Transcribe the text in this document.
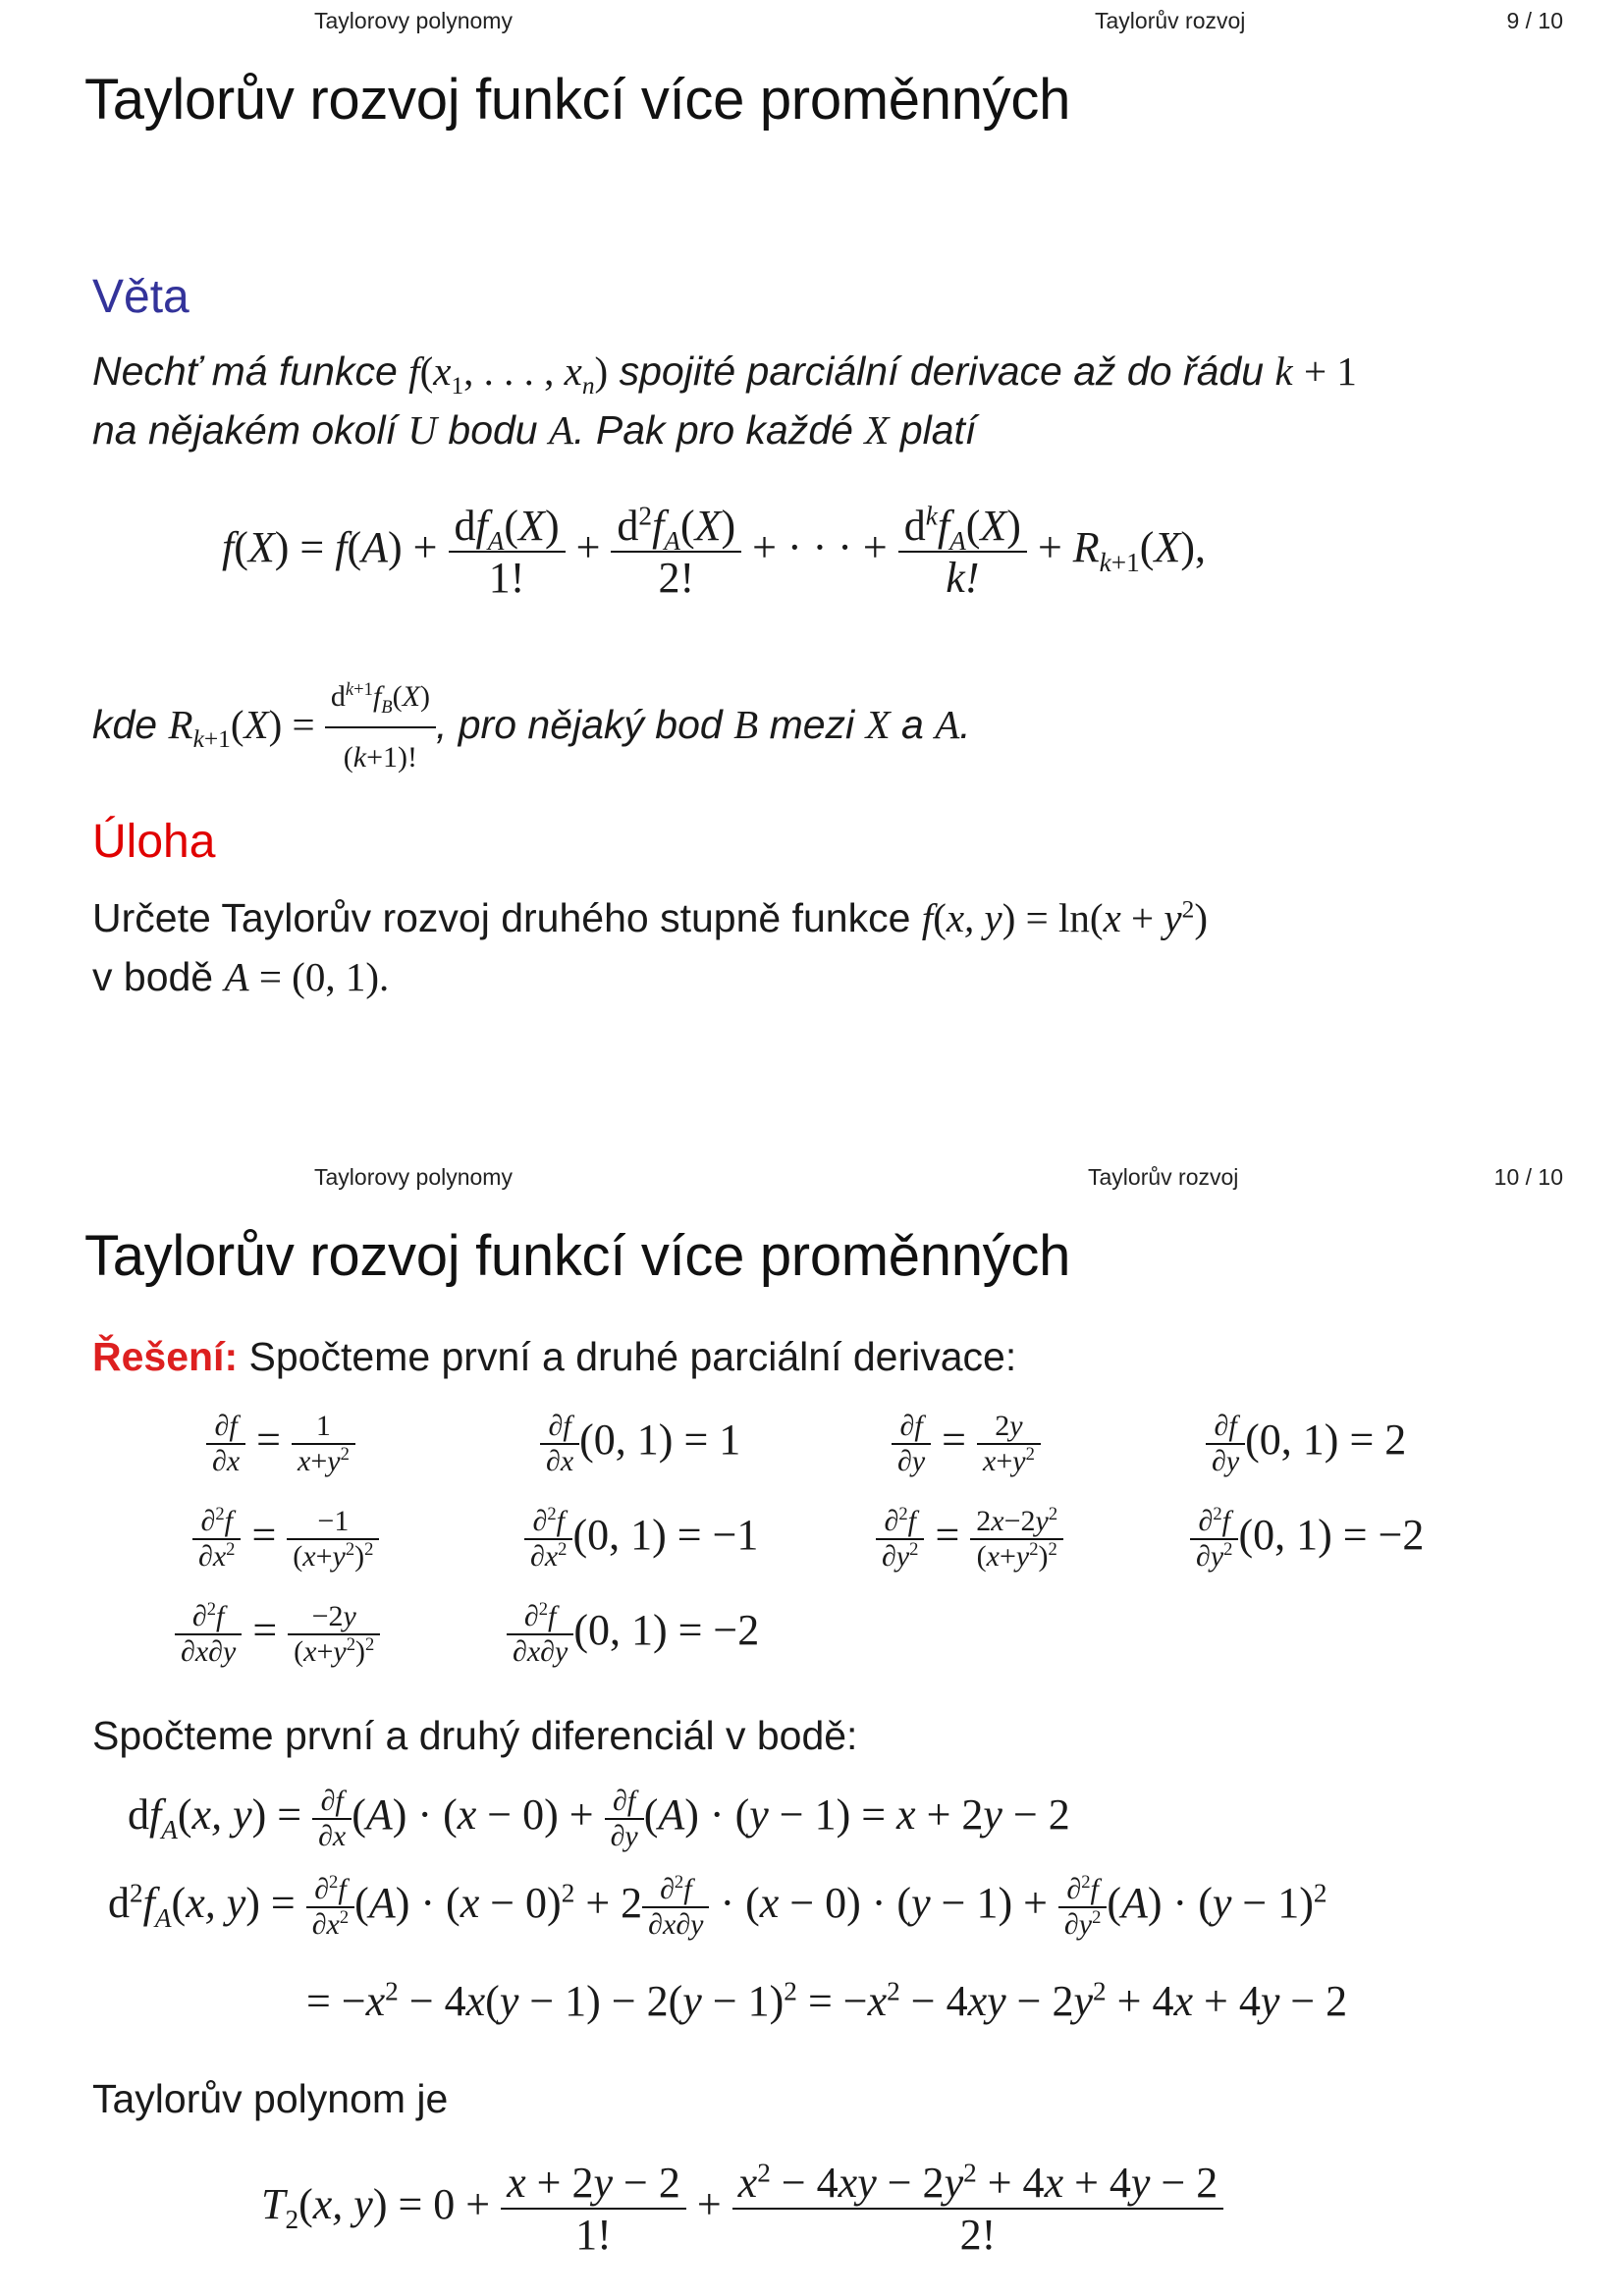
Taylorovy polynomy	Taylorův rozvoj	9 / 10
Taylorův rozvoj funkcí více proměnných
Věta
Nechť má funkce $f(x_1$, . . . , $x_n$) spojité parciální derivace až do řádu k + 1
na nějakém okolí U bodu A. Pak pro každé X platí
$f(X) = f(A) + \frac{df_A(X)}{1!} + \frac{d^2f_A(X)}{2!}$ + · · · + $\frac{d^kf_A(X)}{k!} + R_{k+1}(X)$,
kde $R_{k+1}(X) = \frac{d^{k+1}f_B(X)}{(k+1)!}$ , pro nějaký bod B mezi X a A.
Úloha
Určete Taylorův rozvoj druhého stupně funkce f(x, $y) = \ln(x + y^2)$
v bodě A = (0, 1).
Taylorovy polynomy	Taylorův rozvoj	10 / 10
Taylorův rozvoj funkcí více proměnných
Řešení: Spočteme první a druhé parciální derivace:
$\frac{\partial f}{\partial x} = \frac{1}{x+y^2}$	$\frac{\partial f}{\partial x} (0$, 1) = 1	$\frac{\partial f}{\partial y} = \frac{2y}{x+y^2}$	$\frac{\partial f}{\partial y} (0$, 1) = 2
$\frac{\partial^2f}{\partial x^2} = \frac{-1}{(x+y^2)^2}$	$\frac{\partial^2f}{\partial x^2} (0$, 1) = −1	$\frac{\partial^2f}{\partial y^2} = \frac{2x-2y^2}{(x+y^2)^2}$	$\frac{\partial^2f}{\partial y^2} (0$, 1) = −2
$\frac{\partial^2f}{\partial x\partial y} = \frac{-2y}{(x+y^2)^2}$	$\frac{\partial^2f}{\partial x\partial y} (0$, 1) = −2
Spočteme první a druhý diferenciál v bodě:
$df_A(x$, $y) = \frac{\partial f}{\partial x} (A) \cdot (x - 0) + \frac{\partial f}{\partial y} (A) \cdot (y - 1) = x + 2y - 2$
$d^2f_A(x$, $y) = \frac{\partial^2f}{\partial x^2} (A) \cdot (x - 0)^2 + 2 \frac{\partial^2f}{\partial x\partial y} \cdot (x - 0) \cdot (y - 1) + \frac{\partial^2f}{\partial y^2} (A) \cdot (y - 1)^2$
= $-x^2 - 4x(y - 1) - 2(y - 1)^2 = -x^2 - 4xy - 2y^2 + 4x + 4y - 2$
Taylorův polynom je
$T_2(x$, $y) = 0 + \frac{x + 2y - 2}{1!} + \frac{x^2 - 4xy - 2y^2 + 4x + 4y - 2}{2!}$
